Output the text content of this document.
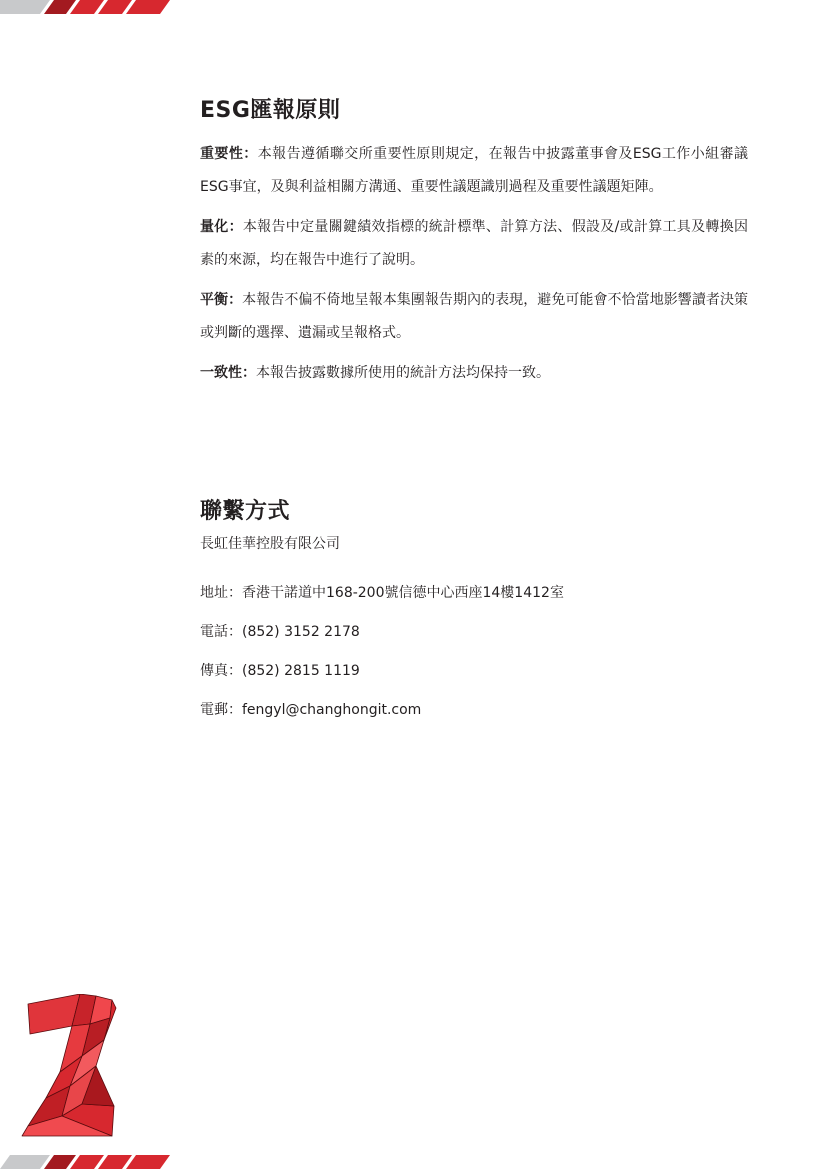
ESG匯報原則

重要性：本報告遵循聯交所重要性原則規定，在報告中披露董事會及ESG工作小組審議ESG事宜，及與利益相關方溝通、重要性議題識別過程及重要性議題矩陣。

量化：本報告中定量關鍵績效指標的統計標準、計算方法、假設及/或計算工具及轉換因素的來源，均在報告中進行了說明。

平衡：本報告不偏不倚地呈報本集團報告期內的表現，避免可能會不恰當地影響讀者決策或判斷的選擇、遺漏或呈報格式。

一致性：本報告披露數據所使用的統計方法均保持一致。

聯繫方式

長虹佳華控股有限公司

地址：香港干諾道中168-200號信德中心西座14樓1412室

電話：(852) 3152 2178

傳真：(852) 2815 1119

電郵：fengyl@changhongit.com
